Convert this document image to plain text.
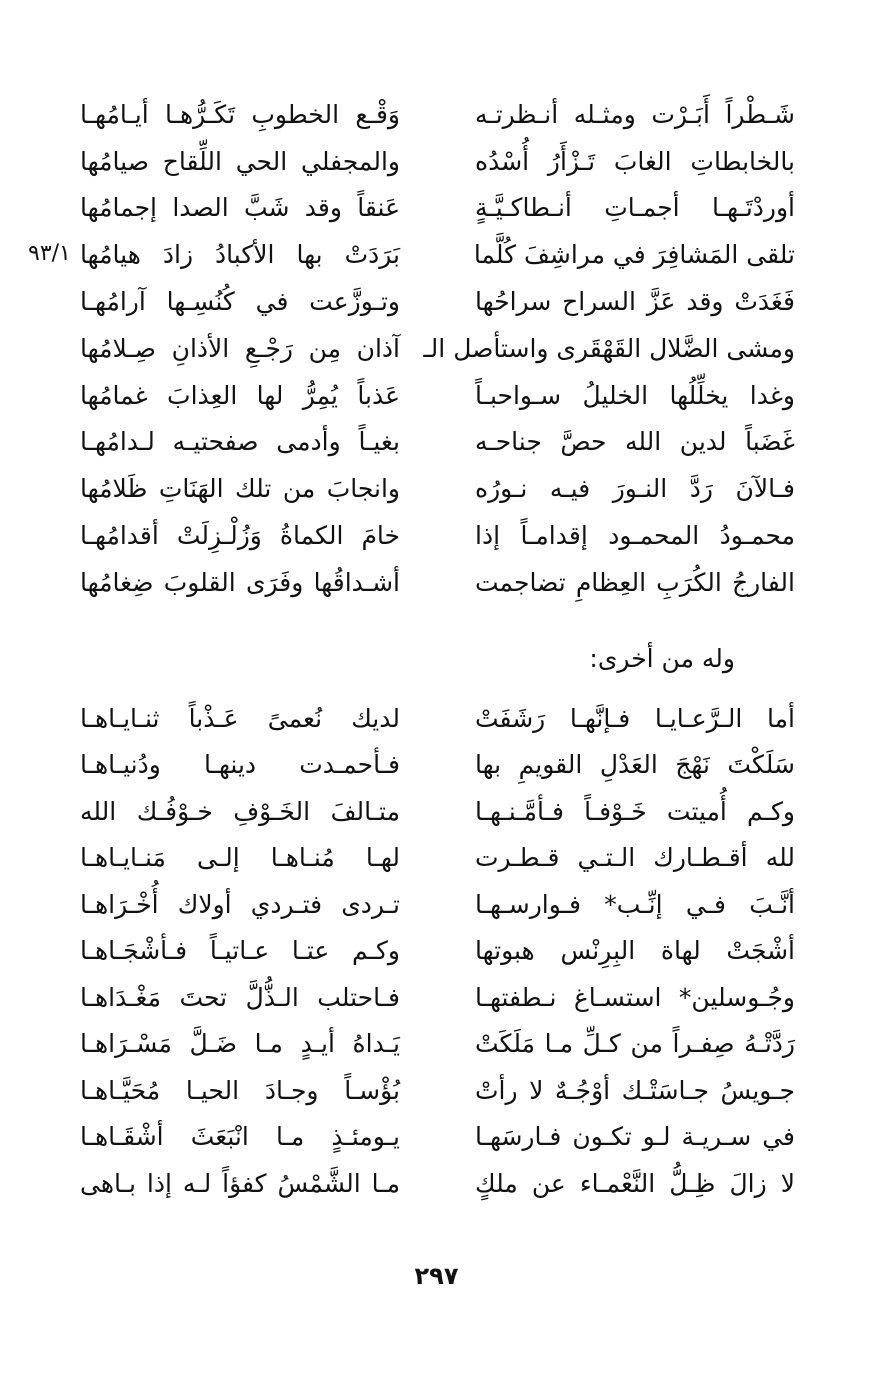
شَـطْراً أَبَـرْت ومثـله أنـظرتـه
وَقْـع الخطوبِ تَكَـرُّهـا أيـامُهـا
بالخابطاتِ الغابَ تَـزْأَرُ أُسْدُه
والمجفلي الحي اللِّقاح صيامُها
أوردْتَـهـا أجمـاتِ أنـطاكـيَّـةٍ
عَنقاً وقد شَبَّ الصدا إجمامُها
تلقى المَشافِرَ في مراشِفَ كُلَّما
بَرَدَتْ بها الأكبادُ زادَ هيامُها
فَغَدَتْ وقد عَزَّ السراح سراحُها
وتـوزَّعت في كُنُسِـها آرامُهـا
ومشى الضَّلال القَهْقَرى واستأصل الـ
آذان مِن رَجْـعِ الأذانِ صِـلامُها
وغدا يخلِّلُها الخليلُ سـواحبـاً
عَذباً يُمِرُّ لها العِذابَ غمامُها
غَضَباً لدين الله حصَّ جناحـه
بغيـاً وأدمى صفحتيـه لـدامُهـا
فـالآنَ رَدَّ النـورَ فيـه نـورُه
وانجابَ من تلك الهَنَاتِ ظَلامُها
محمـودُ المحمـود إقدامـاً إذا
خامَ الكماةُ وَزُلْـزِلَتْ أقدامُهـا
الفارجُ الكُرَبِ العِظامِ تضاجمت
أشـداقُها وفَرَى القلوبَ ضِغامُها
٩٣/١
وله من أخرى:
أما الـرَّعـايـا فـإنَّهـا رَشَفَتْ
لديك نُعمىً عَـذْباً ثنـايـاهـا
سَلَكْتَ نَهْجَ العَدْلِ القويمِ بها
فـأحمـدت دينهـا ودُنيـاهـا
وكـم أُميتت خَـوْفـاً فـأمَّـنـهـا
متـالفَ الخَـوْفِ خـوْفُـك الله
لله أقـطـارك الـتـي قـطـرت
لهـا مُنـاهـا إلـى مَنـايـاهـا
أنَّـبَ فـي إنِّـب* فـوارسـهـا
تـردى فتـردي أولاك أُخْـرَاهـا
أشْجَتْ لهاة البِرِنْس هبوتها
وكـم عتـا عـاتيـاً فـأشْجَـاهـا
وجُـوسلين* استسـاغ نـطفتهـا
فـاحتلب الـذُّلَّ تحتَ مَغْـدَاهـا
رَدَّتْـهُ صِفـراً من كـلِّ مـا مَلَكَتْ
يَـداهُ أيـدٍ مـا ضَـلَّ مَسْـرَاهـا
جـويسُ جـاسَتْـك أوْجُـهٌ لا رأتْ
بُؤْسـاً وجـادَ الحيـا مُحَيَّـاهـا
في سـريـة لـو تكـون فـارسَهـا
يـومئـذٍ مـا انْبَعَثَ أشْقَـاهـا
لا زالَ ظِـلُّ النَّعْمـاء عن ملكٍ
مـا الشَّمْسُ كفؤاً لـه إذا بـاهى
٢٩٧
